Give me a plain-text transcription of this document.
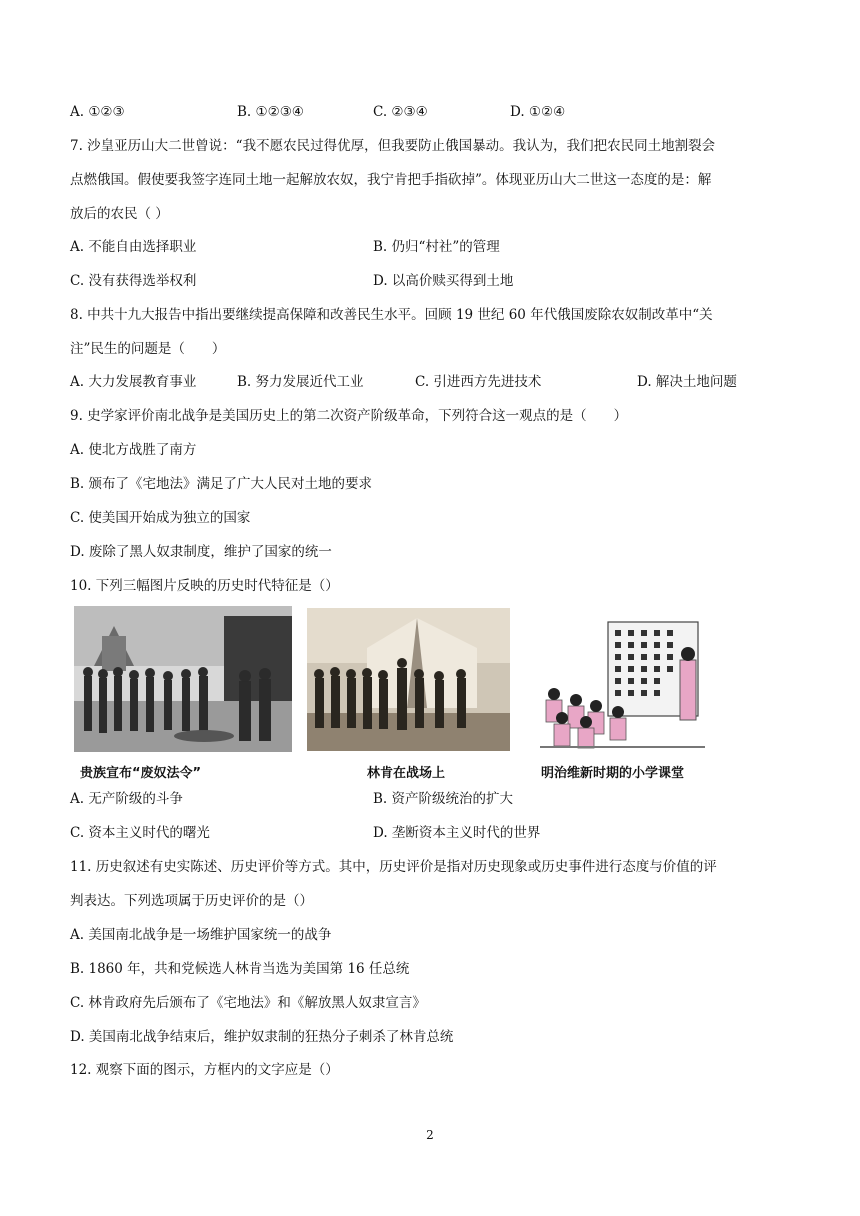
A. ①②③	B. ①②③④	C. ②③④	D. ①②④
7. 沙皇亚历山大二世曾说：“我不愿农民过得优厚，但我要防止俄国暴动。我认为，我们把农民同土地割裂会
点燃俄国。假使要我签字连同土地一起解放农奴，我宁肯把手指砍掉”。体现亚历山大二世这一态度的是：解
放后的农民（ ）
A. 不能自由选择职业	B. 仍归“村社”的管理
C. 没有获得选举权利	D. 以高价赎买得到土地
8. 中共十九大报告中指出要继续提高保障和改善民生水平。回顾 19 世纪 60 年代俄国废除农奴制改革中“关
注”民生的问题是（　　）
A. 大力发展教育事业	B. 努力发展近代工业	C. 引进西方先进技术	D. 解决土地问题
9. 史学家评价南北战争是美国历史上的第二次资产阶级革命，下列符合这一观点的是（　　）
A. 使北方战胜了南方
B. 颁布了《宅地法》满足了广大人民对土地的要求
C. 使美国开始成为独立的国家
D. 废除了黑人奴隶制度，维护了国家的统一
10. 下列三幅图片反映的历史时代特征是（）
贵族宣布“废奴法令”	林肯在战场上	明治维新时期的小学课堂
A. 无产阶级的斗争	B. 资产阶级统治的扩大
C. 资本主义时代的曙光	D. 垄断资本主义时代的世界
11. 历史叙述有史实陈述、历史评价等方式。其中，历史评价是指对历史现象或历史事件进行态度与价值的评
判表达。下列选项属于历史评价的是（）
A. 美国南北战争是一场维护国家统一的战争
B. 1860 年，共和党候选人林肯当选为美国第 16 任总统
C. 林肯政府先后颁布了《宅地法》和《解放黑人奴隶宣言》
D. 美国南北战争结束后，维护奴隶制的狂热分子刺杀了林肯总统
12. 观察下面的图示，方框内的文字应是（）
2
